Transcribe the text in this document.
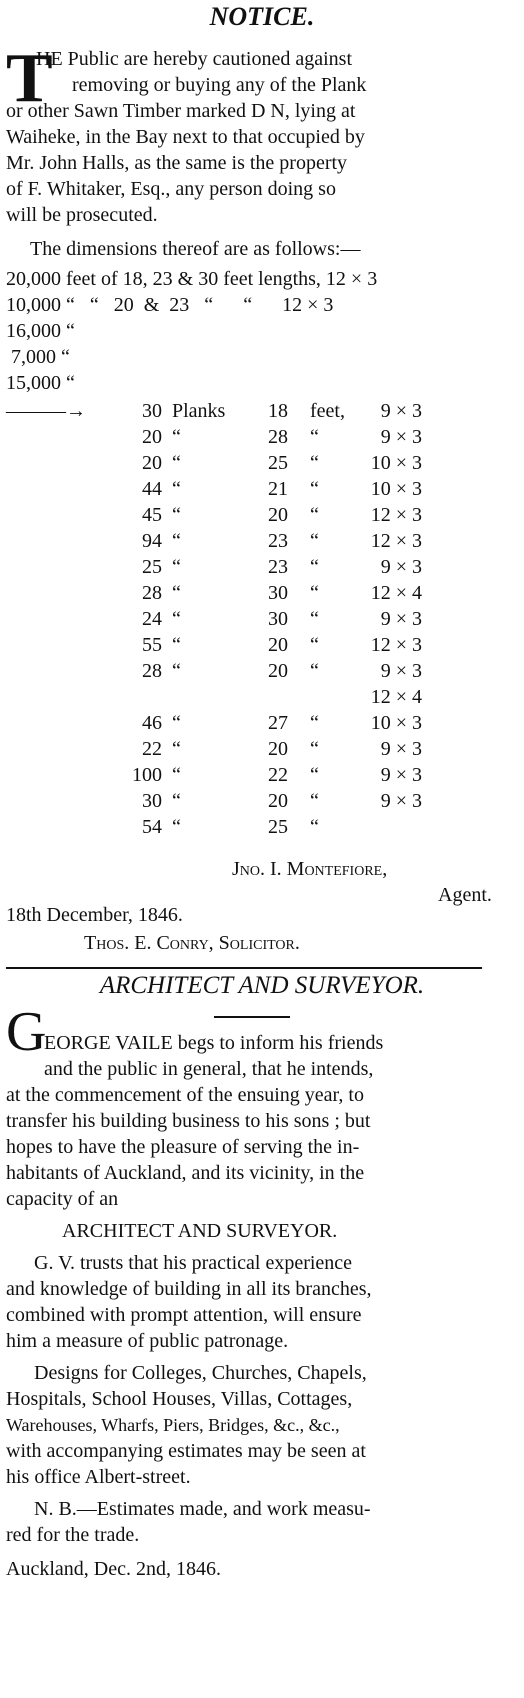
NOTICE.
T
HE Public are hereby cautioned against
removing or buying any of the Plank
or other Sawn Timber marked D N, lying at
Waiheke, in the Bay next to that occupied by
Mr. John Halls, as the same is the property
of F. Whitaker, Esq., any person doing so
will be prosecuted.
The dimensions thereof are as follows:—
20,000 feet of 18, 23 & 30 feet lengths, 12 × 3
10,000 “   “   20  &  23   “      “      12 × 3
16,000 “
7,000 “
15,000 “
———→	30 Planks	18	feet,	9 × 3
20 “	28	“	9 × 3
20 “	25	“	10 × 3
44 “	21	“	10 × 3
45 “	20	“	12 × 3
94 “	23	“	12 × 3
25 “	23	“	9 × 3
28 “	30	“	12 × 4
24 “	30	“	9 × 3
55 “	20	“	12 × 3
28 “	20	“	9 × 3
12 × 4
46 “	27	“	10 × 3
22 “	20	“	9 × 3
100 “	22	“	9 × 3
30 “	20	“	9 × 3
54 “	25	“
Jno. I. Montefiore,
Agent.
18th December, 1846.
Thos. E. Conry, Solicitor.
ARCHITECT AND SURVEYOR.
G
EORGE VAILE begs to inform his friends
and the public in general, that he intends,
at the commencement of the ensuing year, to
transfer his building business to his sons ; but
hopes to have the pleasure of serving the in-
habitants of Auckland, and its vicinity, in the
capacity of an
ARCHITECT AND SURVEYOR.
G. V. trusts that his practical experience
and knowledge of building in all its branches,
combined with prompt attention, will ensure
him a measure of public patronage.
Designs for Colleges, Churches, Chapels,
Hospitals, School Houses, Villas, Cottages,
Warehouses, Wharfs, Piers, Bridges, &c., &c.,
with accompanying estimates may be seen at
his office Albert-street.
N. B.—Estimates made, and work measu-
red for the trade.
Auckland, Dec. 2nd, 1846.
